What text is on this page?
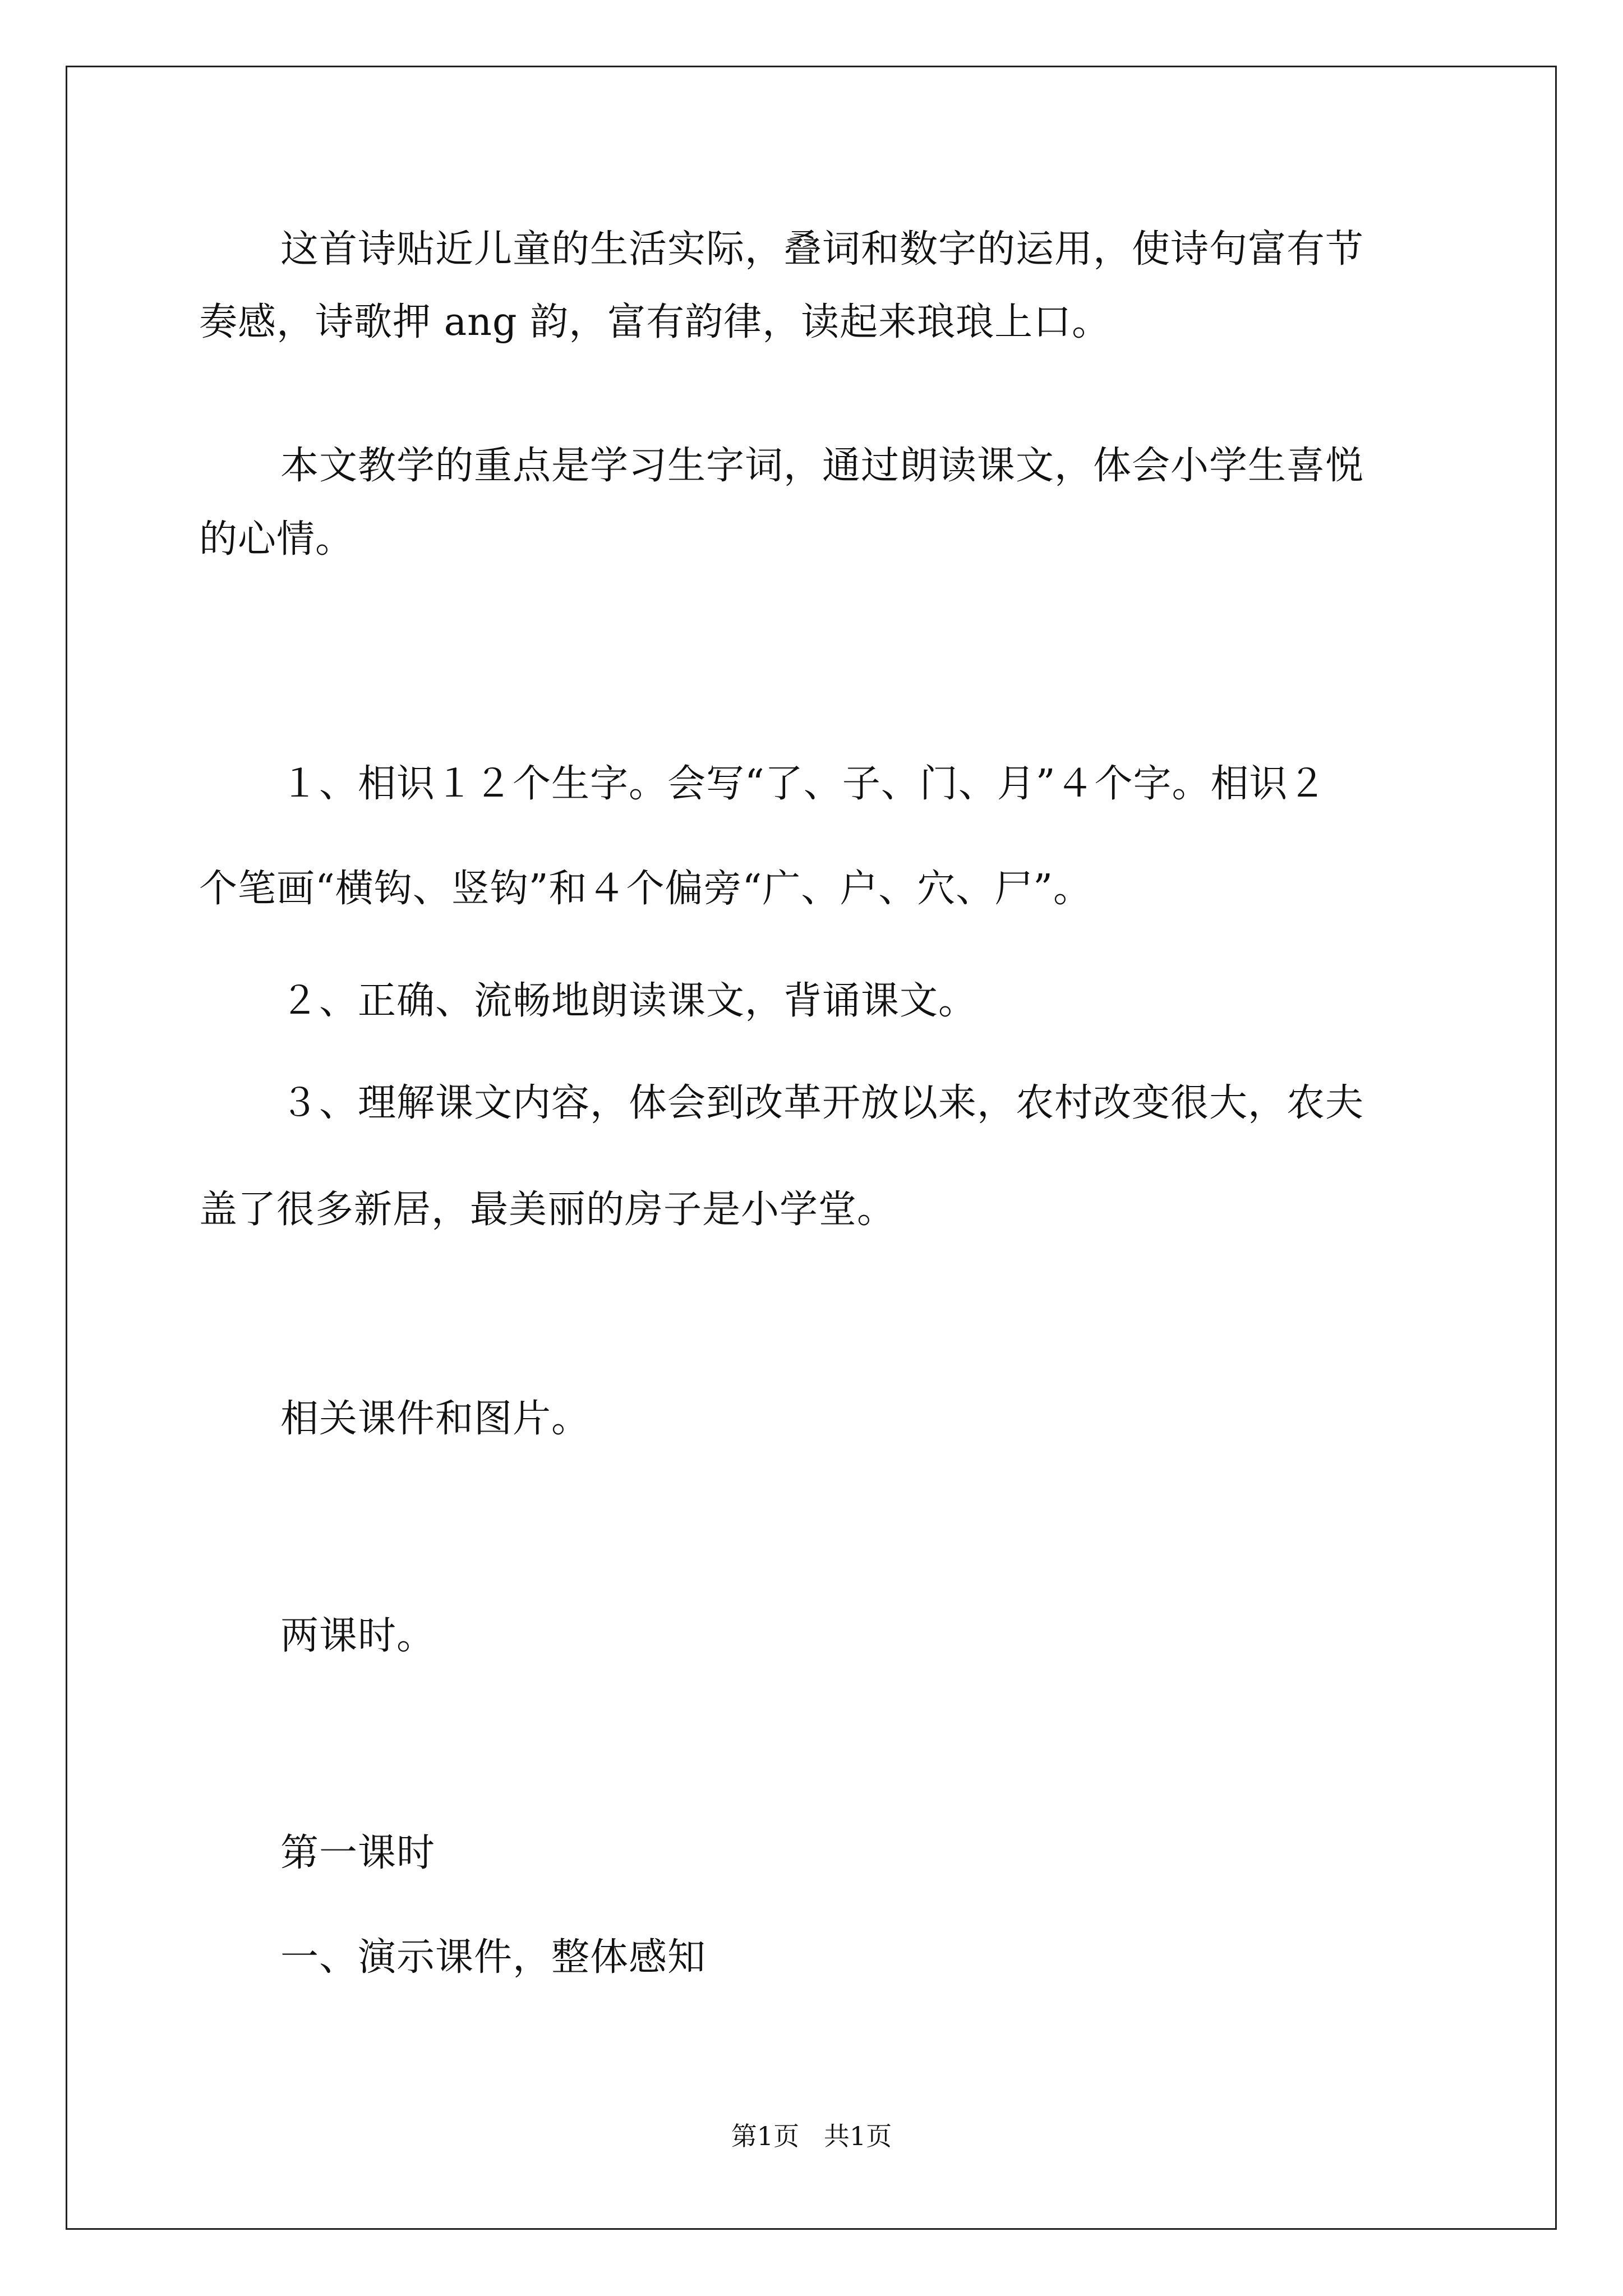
这首诗贴近儿童的生活实际，叠词和数字的运用，使诗句富有节
奏感，诗歌押 ang 韵，富有韵律，读起来琅琅上口。
本文教学的重点是学习生字词，通过朗读课文，体会小学生喜悦
的心情。
１、相识１２个生字。会写“了、子、门、月”４个字。相识２
个笔画“横钩、竖钩”和４个偏旁“广、户、穴、尸”。
２、正确、流畅地朗读课文，背诵课文。
３、理解课文内容，体会到改革开放以来，农村改变很大，农夫
盖了很多新居，最美丽的房子是小学堂。
相关课件和图片。
两课时。
第一课时
一、演示课件，整体感知
第1页   共1页
